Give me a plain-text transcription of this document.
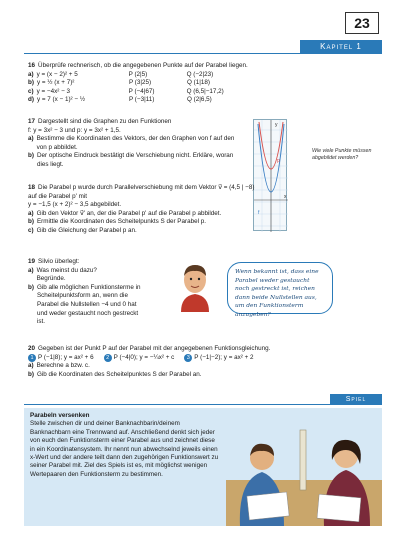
23
Kapitel 1
16 Überprüfe rechnerisch, ob die angegebenen Punkte auf der Parabel liegen.
a) y = (x − 2)² + 5	P (2|5)	Q (−2|23)
b) y = ½ (x + 7)²	P (3|25)	Q (1|18)
c) y = −4x² − 3	P (−4|67)	Q (6,5|−17,2)
d) y = 7 (x − 1)² − ½	P (−3|11)	Q (2|6,5)
17 Dargestellt sind die Graphen zu den Funktionen
f: y = 3x² − 3 und p: y = 3x² + 1,5.
a) Bestimme die Koordinaten des Vektors, der den Graphen von f auf den von p abbildet.
b) Der optische Eindruck bestätigt die Verschiebung nicht. Erkläre, woran dies liegt.
y
x
p
f
Wie viele Punkte müssen abgebildet werden?
18 Die Parabel p wurde durch Parallelverschiebung mit dem Vektor v⃗ = (4,5 | −8) auf die Parabel p' mit
y = −1,5 (x + 2)² − 3,5 abgebildet.
a) Gib den Vektor v⃗' an, der die Parabel p' auf die Parabel p abbildet.
b) Ermittle die Koordinaten des Scheitelpunkts S der Parabel p.
c) Gib die Gleichung der Parabel p an.
19 Silvio überlegt:
a) Was meinst du dazu? Begründe.
b) Gib alle möglichen Funktionsterme in Scheitelpunktsform an, wenn die Parabel die Nullstellen −4 und 0 hat und weder gestaucht noch gestreckt ist.
Wenn bekannt ist, dass eine Parabel weder gestaucht noch gestreckt ist, reichen dann beide Nullstellen aus, um den Funktionsterm anzugeben?
20 Gegeben ist der Punkt P auf der Parabel mit der angegebenen Funktionsgleichung.
1 P (−1|8); y = ax² + 6	2 P (−4|0); y = −¼x² + c	3 P (−1|−2); y = ax² + 2
a) Berechne a bzw. c.
b) Gib die Koordinaten des Scheitelpunktes S der Parabel an.
Spiel
Parabeln versenken
Stelle zwischen dir und deiner Banknachbarin/deinem Banknachbarn eine Trennwand auf. Anschließend denkt sich jeder von euch den Funktionsterm einer Parabel aus und zeichnet diese in ein Koordinatensystem. Ihr nennt nun abwechselnd jeweils einen x-Wert und der andere teilt dann den zugehörigen Funktionswert zu seiner Parabel mit. Ziel des Spiels ist es, mit möglichst wenigen Wertepaaren den Funktionsterm zu bestimmen.
